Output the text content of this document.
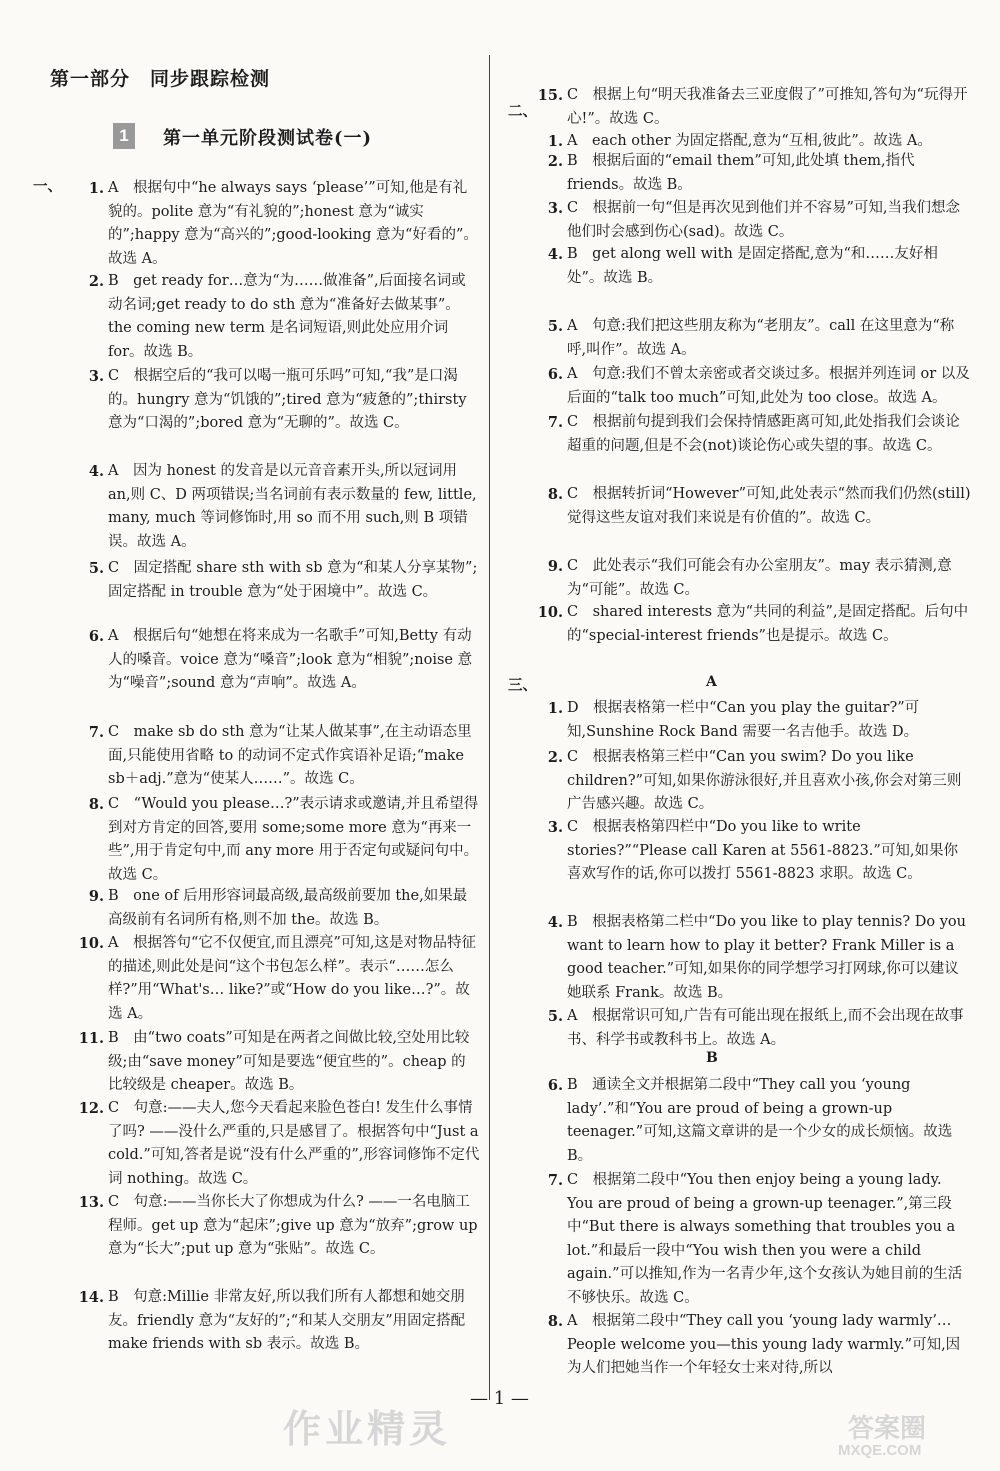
第一部分　同步跟踪检测
1	第一单元阶段测试卷(一)
一、
二、
三、	A
B
1. A　根据句中“he always says ‘please’”可知,他是有礼貌的。polite 意为“有礼貌的”;honest 意为“诚实的”;happy 意为“高兴的”;good-looking 意为“好看的”。故选 A。
2. B　get ready for…意为“为……做准备”,后面接名词或动名词;get ready to do sth 意为“准备好去做某事”。the coming new term 是名词短语,则此处应用介词 for。故选 B。
3. C　根据空后的“我可以喝一瓶可乐吗”可知,“我”是口渴的。hungry 意为“饥饿的”;tired 意为“疲惫的”;thirsty 意为“口渴的”;bored 意为“无聊的”。故选 C。
4. A　因为 honest 的发音是以元音音素开头,所以冠词用 an,则 C、D 两项错误;当名词前有表示数量的 few, little, many, much 等词修饰时,用 so 而不用 such,则 B 项错误。故选 A。
5. C　固定搭配 share sth with sb 意为“和某人分享某物”;固定搭配 in trouble 意为“处于困境中”。故选 C。
6. A　根据后句“她想在将来成为一名歌手”可知,Betty 有动人的嗓音。voice 意为“嗓音”;look 意为“相貌”;noise 意为“噪音”;sound 意为“声响”。故选 A。
7. C　make sb do sth 意为“让某人做某事”,在主动语态里面,只能使用省略 to 的动词不定式作宾语补足语;“make sb＋adj.”意为“使某人……”。故选 C。
8. C　“Would you please…?”表示请求或邀请,并且希望得到对方肯定的回答,要用 some;some more 意为“再来一些”,用于肯定句中,而 any more 用于否定句或疑问句中。故选 C。
9. B　one of 后用形容词最高级,最高级前要加 the,如果最高级前有名词所有格,则不加 the。故选 B。
10. A　根据答句“它不仅便宜,而且漂亮”可知,这是对物品特征的描述,则此处是问“这个书包怎么样”。表示“……怎么样?”用“What's… like?”或“How do you like…?”。故选 A。
11. B　由“two coats”可知是在两者之间做比较,空处用比较级;由“save money”可知是要选“便宜些的”。cheap 的比较级是 cheaper。故选 B。
12. C　句意:——夫人,您今天看起来脸色苍白! 发生什么事情了吗? ——没什么严重的,只是感冒了。根据答句中“Just a cold.”可知,答者是说“没有什么严重的”,形容词修饰不定代词 nothing。故选 C。
13. C　句意:——当你长大了你想成为什么? ——一名电脑工程师。get up 意为“起床”;give up 意为“放弃”;grow up 意为“长大”;put up 意为“张贴”。故选 C。
14. B　句意:Millie 非常友好,所以我们所有人都想和她交朋友。friendly 意为“友好的”;“和某人交朋友”用固定搭配 make friends with sb 表示。故选 B。
15. C　根据上句“明天我准备去三亚度假了”可推知,答句为“玩得开心!”。故选 C。
1. A　each other 为固定搭配,意为“互相,彼此”。故选 A。
2. B　根据后面的“email them”可知,此处填 them,指代 friends。故选 B。
3. C　根据前一句“但是再次见到他们并不容易”可知,当我们想念他们时会感到伤心(sad)。故选 C。
4. B　get along well with 是固定搭配,意为“和……友好相处”。故选 B。
5. A　句意:我们把这些朋友称为“老朋友”。call 在这里意为“称呼,叫作”。故选 A。
6. A　句意:我们不曾太亲密或者交谈过多。根据并列连词 or 以及后面的“talk too much”可知,此处为 too close。故选 A。
7. C　根据前句提到我们会保持情感距离可知,此处指我们会谈论超重的问题,但是不会(not)谈论伤心或失望的事。故选 C。
8. C　根据转折词“However”可知,此处表示“然而我们仍然(still)觉得这些友谊对我们来说是有价值的”。故选 C。
9. C　此处表示“我们可能会有办公室朋友”。may 表示猜测,意为“可能”。故选 C。
10. C　shared interests 意为“共同的利益”,是固定搭配。后句中的“special-interest friends”也是提示。故选 C。
1. D　根据表格第一栏中“Can you play the guitar?”可知,Sunshine Rock Band 需要一名吉他手。故选 D。
2. C　根据表格第三栏中“Can you swim? Do you like children?”可知,如果你游泳很好,并且喜欢小孩,你会对第三则广告感兴趣。故选 C。
3. C　根据表格第四栏中“Do you like to write stories?”“Please call Karen at 5561-8823.”可知,如果你喜欢写作的话,你可以拨打 5561-8823 求职。故选 C。
4. B　根据表格第二栏中“Do you like to play tennis? Do you want to learn how to play it better? Frank Miller is a good teacher.”可知,如果你的同学想学习打网球,你可以建议她联系 Frank。故选 B。
5. A　根据常识可知,广告有可能出现在报纸上,而不会出现在故事书、科学书或教科书上。故选 A。
6. B　通读全文并根据第二段中“They call you ‘young lady’.”和“You are proud of being a grown-up teenager.”可知,这篇文章讲的是一个少女的成长烦恼。故选 B。
7. C　根据第二段中“You then enjoy being a young lady. You are proud of being a grown-up teenager.”,第三段中“But there is always something that troubles you a lot.”和最后一段中“You wish then you were a child again.”可以推知,作为一名青少年,这个女孩认为她目前的生活不够快乐。故选 C。
8. A　根据第二段中“They call you ‘young lady warmly’…People welcome you—this young lady warmly.”可知,因为人们把她当作一个年轻女士来对待,所以
作业精灵	答案圈
MXQE.COM
— 1 —
